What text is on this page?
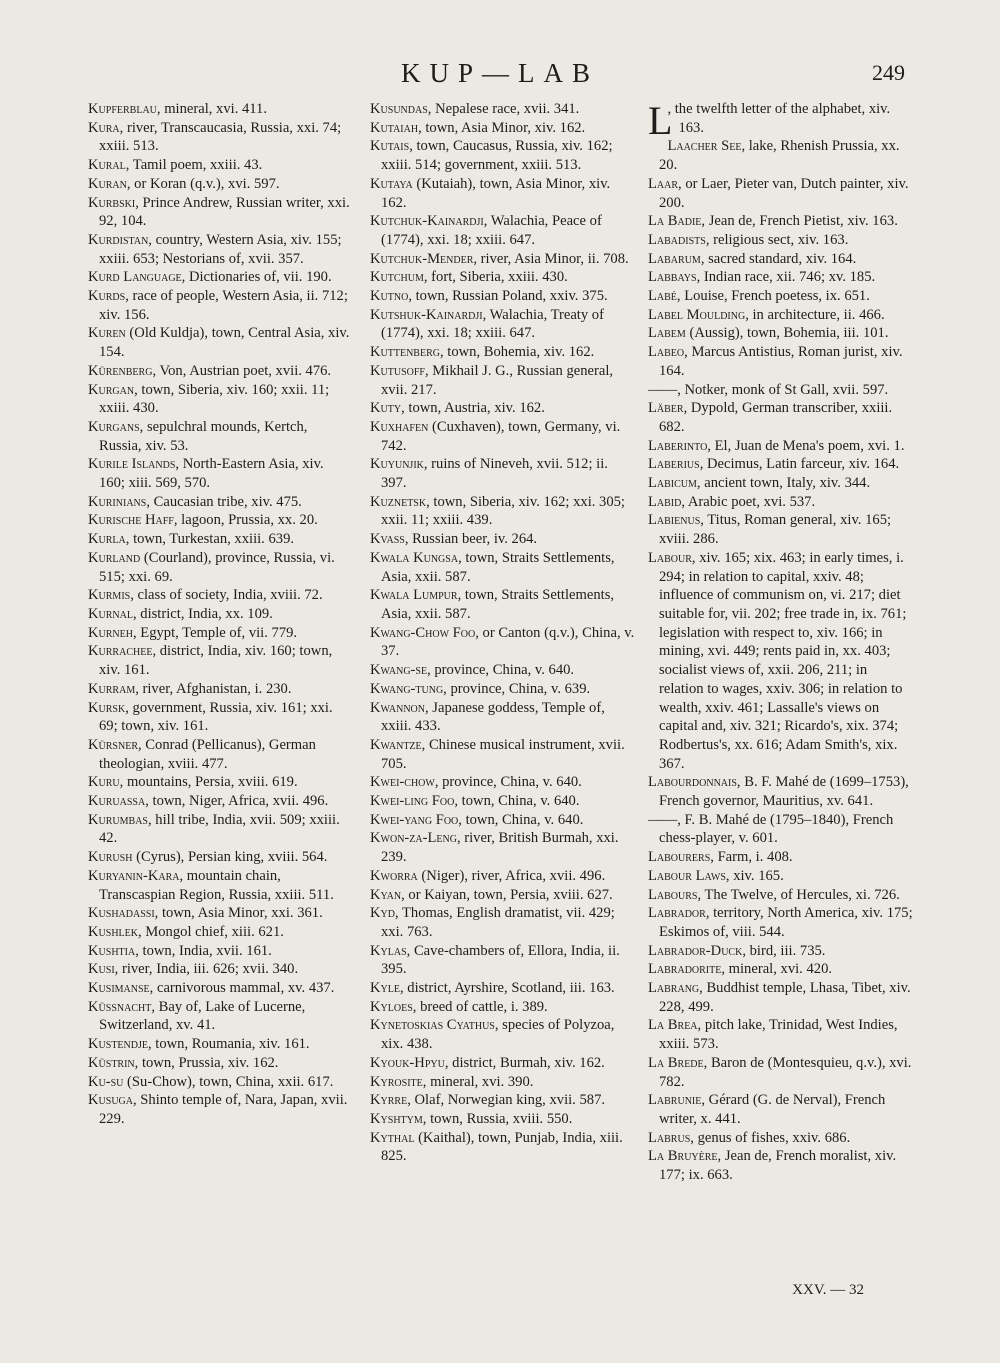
KUP—LAB	249

Kupferblau, mineral, xvi. 411.

Kura, river, Transcaucasia, Russia, xxi. 74; xxiii. 513.

Kural, Tamil poem, xxiii. 43.

Kuran, or Koran (q.v.), xvi. 597.

Kurbski, Prince Andrew, Russian writer, xxi. 92, 104.

Kurdistan, country, Western Asia, xiv. 155; xxiii. 653; Nestorians of, xvii. 357.

Kurd Language, Dictionaries of, vii. 190.

Kurds, race of people, Western Asia, ii. 712; xiv. 156.

Kuren (Old Kuldja), town, Central Asia, xiv. 154.

Kürenberg, Von, Austrian poet, xvii. 476.

Kurgan, town, Siberia, xiv. 160; xxii. 11; xxiii. 430.

Kurgans, sepulchral mounds, Kertch, Russia, xiv. 53.

Kurile Islands, North-Eastern Asia, xiv. 160; xiii. 569, 570.

Kurinians, Caucasian tribe, xiv. 475.

Kurische Haff, lagoon, Prussia, xx. 20.

Kurla, town, Turkestan, xxiii. 639.

Kurland (Courland), province, Russia, vi. 515; xxi. 69.

Kurmis, class of society, India, xviii. 72.

Kurnal, district, India, xx. 109.

Kurneh, Egypt, Temple of, vii. 779.

Kurrachee, district, India, xiv. 160; town, xiv. 161.

Kurram, river, Afghanistan, i. 230.

Kursk, government, Russia, xiv. 161; xxi. 69; town, xiv. 161.

Kürsner, Conrad (Pellicanus), German theologian, xviii. 477.

Kuru, mountains, Persia, xviii. 619.

Kuruassa, town, Niger, Africa, xvii. 496.

Kurumbas, hill tribe, India, xvii. 509; xxiii. 42.

Kurush (Cyrus), Persian king, xviii. 564.

Kuryanin-Kara, mountain chain, Transcaspian Region, Russia, xxiii. 511.

Kushadassi, town, Asia Minor, xxi. 361.

Kushlek, Mongol chief, xiii. 621.

Kushtia, town, India, xvii. 161.

Kusi, river, India, iii. 626; xvii. 340.

Kusimanse, carnivorous mammal, xv. 437.

Küssnacht, Bay of, Lake of Lucerne, Switzerland, xv. 41.

Kustendje, town, Roumania, xiv. 161.

Küstrin, town, Prussia, xiv. 162.

Ku-su (Su-Chow), town, China, xxii. 617.

Kusuga, Shinto temple of, Nara, Japan, xvii. 229.

Kusundas, Nepalese race, xvii. 341.

Kutaiah, town, Asia Minor, xiv. 162.

Kutais, town, Caucasus, Russia, xiv. 162; xxiii. 514; government, xxiii. 513.

Kutaya (Kutaiah), town, Asia Minor, xiv. 162.

Kutchuk-Kainardji, Walachia, Peace of (1774), xxi. 18; xxiii. 647.

Kutchuk-Mender, river, Asia Minor, ii. 708.

Kutchum, fort, Siberia, xxiii. 430.

Kutno, town, Russian Poland, xxiv. 375.

Kutshuk-Kainardji, Walachia, Treaty of (1774), xxi. 18; xxiii. 647.

Kuttenberg, town, Bohemia, xiv. 162.

Kutusoff, Mikhail J. G., Russian general, xvii. 217.

Kuty, town, Austria, xiv. 162.

Kuxhafen (Cuxhaven), town, Germany, vi. 742.

Kuyunjik, ruins of Nineveh, xvii. 512; ii. 397.

Kuznetsk, town, Siberia, xiv. 162; xxi. 305; xxii. 11; xxiii. 439.

Kvass, Russian beer, iv. 264.

Kwala Kungsa, town, Straits Settlements, Asia, xxii. 587.

Kwala Lumpur, town, Straits Settlements, Asia, xxii. 587.

Kwang-Chow Foo, or Canton (q.v.), China, v. 37.

Kwang-se, province, China, v. 640.

Kwang-tung, province, China, v. 639.

Kwannon, Japanese goddess, Temple of, xxiii. 433.

Kwantze, Chinese musical instrument, xvii. 705.

Kwei-chow, province, China, v. 640.

Kwei-ling Foo, town, China, v. 640.

Kwei-yang Foo, town, China, v. 640.

Kwon-za-Leng, river, British Burmah, xxi. 239.

Kworra (Niger), river, Africa, xvii. 496.

Kyan, or Kaiyan, town, Persia, xviii. 627.

Kyd, Thomas, English dramatist, vii. 429; xxi. 763.

Kylas, Cave-chambers of, Ellora, India, ii. 395.

Kyle, district, Ayrshire, Scotland, iii. 163.

Kyloes, breed of cattle, i. 389.

Kynetoskias Cyathus, species of Polyzoa, xix. 438.

Kyouk-Hpyu, district, Burmah, xiv. 162.

Kyrosite, mineral, xvi. 390.

Kyrre, Olaf, Norwegian king, xvii. 587.

Kyshtym, town, Russia, xviii. 550.

Kythal (Kaithal), town, Punjab, India, xiii. 825.

L
, the twelfth letter of the alphabet, xiv. 163.

Laacher See, lake, Rhenish Prussia, xx. 20.

Laar, or Laer, Pieter van, Dutch painter, xiv. 200.

La Badie, Jean de, French Pietist, xiv. 163.

Labadists, religious sect, xiv. 163.

Labarum, sacred standard, xiv. 164.

Labbays, Indian race, xii. 746; xv. 185.

Labé, Louise, French poetess, ix. 651.

Label Moulding, in architecture, ii. 466.

Labem (Aussig), town, Bohemia, iii. 101.

Labeo, Marcus Antistius, Roman jurist, xiv. 164.

——, Notker, monk of St Gall, xvii. 597.

Läber, Dypold, German transcriber, xxiii. 682.

Laberinto, El, Juan de Mena's poem, xvi. 1.

Laberius, Decimus, Latin farceur, xiv. 164.

Labicum, ancient town, Italy, xiv. 344.

Labid, Arabic poet, xvi. 537.

Labienus, Titus, Roman general, xiv. 165; xviii. 286.

Labour, xiv. 165; xix. 463; in early times, i. 294; in relation to capital, xxiv. 48; influence of communism on, vi. 217; diet suitable for, vii. 202; free trade in, ix. 761; legislation with respect to, xiv. 166; in mining, xvi. 449; rents paid in, xx. 403; socialist views of, xxii. 206, 211; in relation to wages, xxiv. 306; in relation to wealth, xxiv. 461; Lassalle's views on capital and, xiv. 321; Ricardo's, xix. 374; Rodbertus's, xx. 616; Adam Smith's, xix. 367.

Labourdonnais, B. F. Mahé de (1699–1753), French governor, Mauritius, xv. 641.

——, F. B. Mahé de (1795–1840), French chess-player, v. 601.

Labourers, Farm, i. 408.

Labour Laws, xiv. 165.

Labours, The Twelve, of Hercules, xi. 726.

Labrador, territory, North America, xiv. 175; Eskimos of, viii. 544.

Labrador-Duck, bird, iii. 735.

Labradorite, mineral, xvi. 420.

Labrang, Buddhist temple, Lhasa, Tibet, xiv. 228, 499.

La Brea, pitch lake, Trinidad, West Indies, xxiii. 573.

La Brede, Baron de (Montesquieu, q.v.), xvi. 782.

Labrunie, Gérard (G. de Nerval), French writer, x. 441.

Labrus, genus of fishes, xxiv. 686.

La Bruyère, Jean de, French moralist, xiv. 177; ix. 663.

XXV. — 32
